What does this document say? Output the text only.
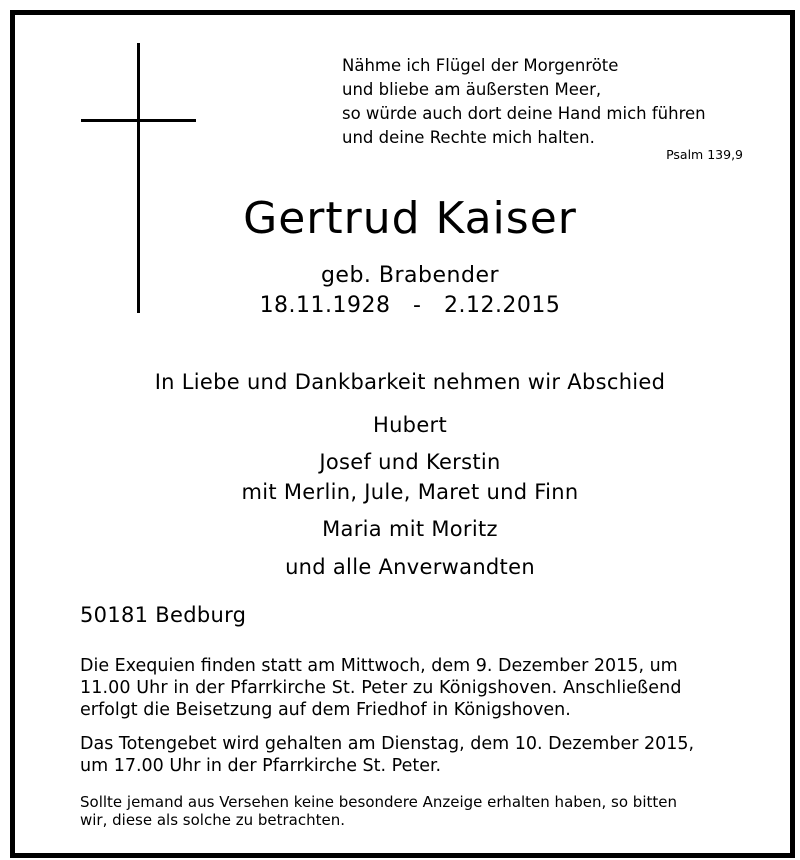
Nähme ich Flügel der Morgenröte
und bliebe am äußersten Meer,
so würde auch dort deine Hand mich führen
und deine Rechte mich halten.
Psalm 139,9
Gertrud Kaiser
geb. Brabender
18.11.1928 - 2.12.2015
In Liebe und Dankbarkeit nehmen wir Abschied
Hubert
Josef und Kerstin
mit Merlin, Jule, Maret und Finn
Maria mit Moritz
und alle Anverwandten
50181 Bedburg
Die Exequien finden statt am Mittwoch, dem 9. Dezember 2015, um
11.00 Uhr in der Pfarrkirche St. Peter zu Königshoven. Anschließend
erfolgt die Beisetzung auf dem Friedhof in Königshoven.
Das Totengebet wird gehalten am Dienstag, dem 10. Dezember 2015,
um 17.00 Uhr in der Pfarrkirche St. Peter.
Sollte jemand aus Versehen keine besondere Anzeige erhalten haben, so bitten
wir, diese als solche zu betrachten.
